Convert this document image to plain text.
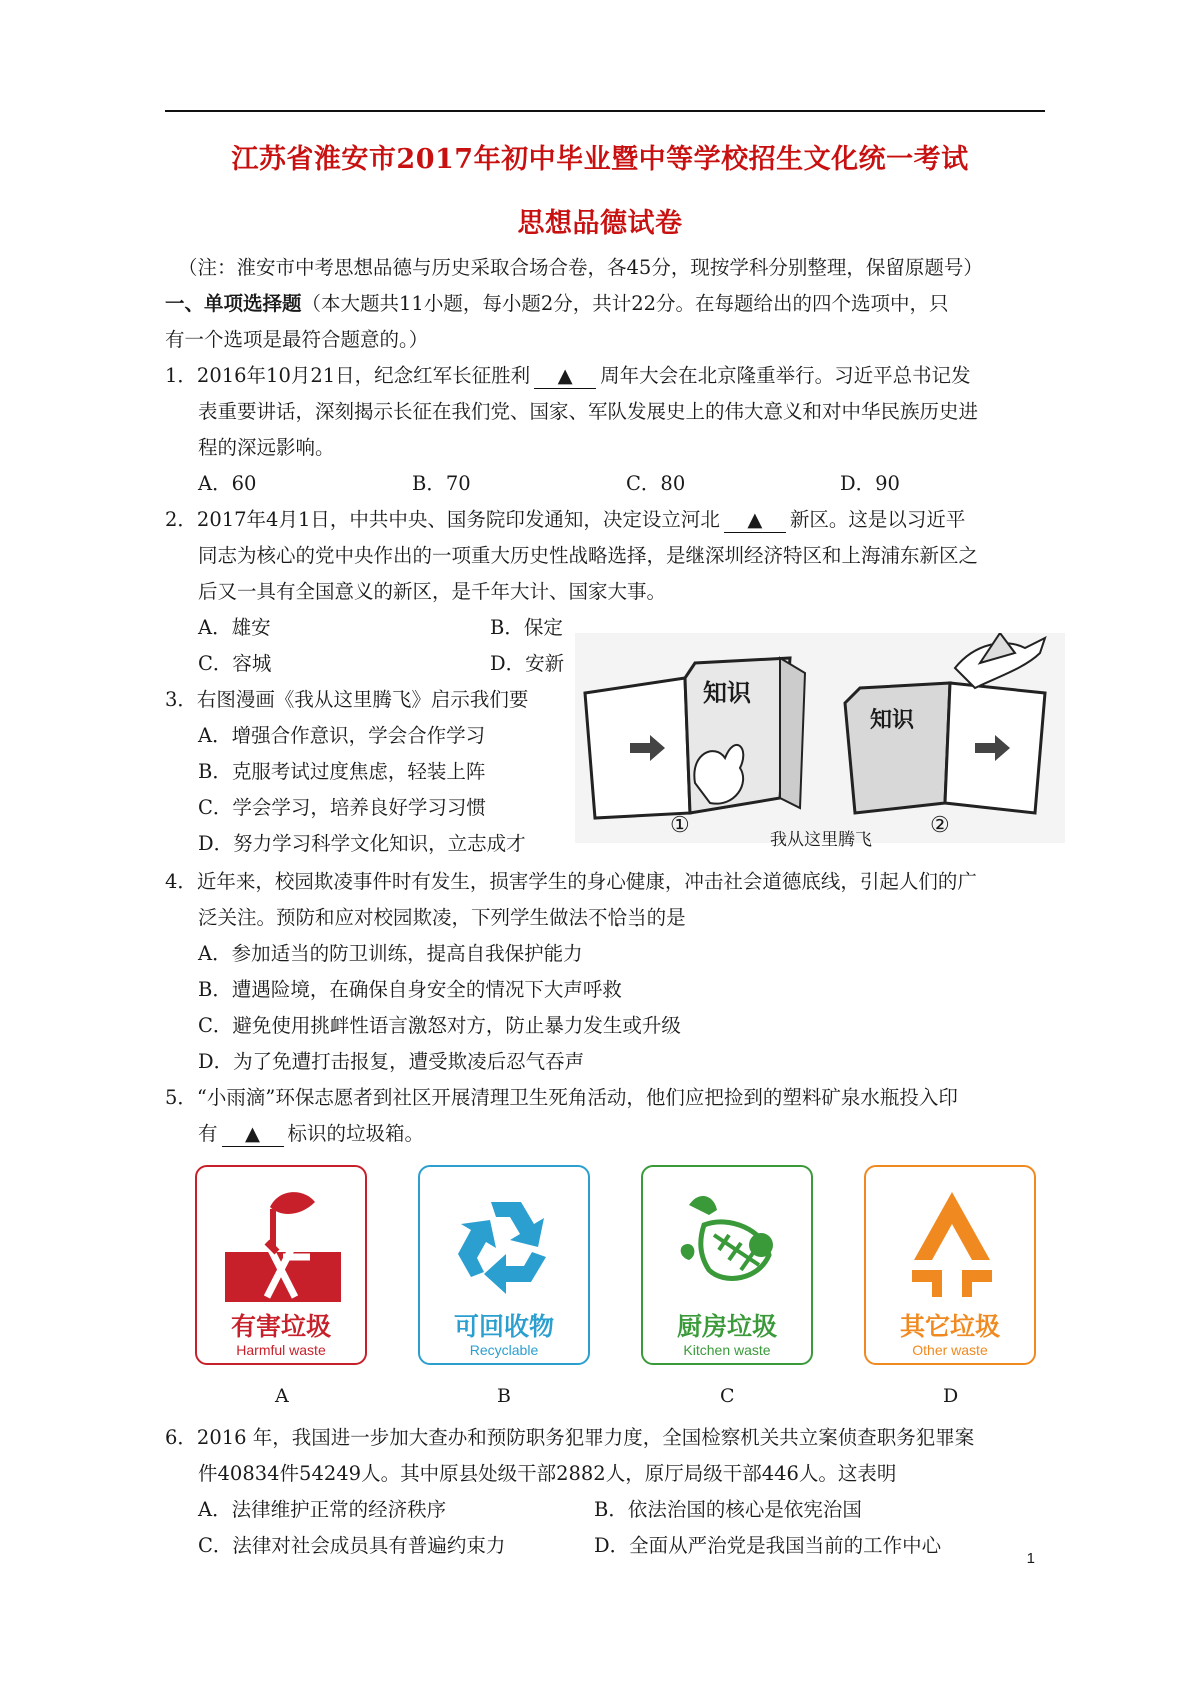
江苏省淮安市2017年初中毕业暨中等学校招生文化统一考试
思想品德试卷
（注：淮安市中考思想品德与历史采取合场合卷，各45分，现按学科分别整理，保留原题号）
一、单项选择题（本大题共11小题，每小题2分，共计22分。在每题给出的四个选项中，只
有一个选项是最符合题意的。）
1．2016年10月21日，纪念红军长征胜利 ▲ 周年大会在北京隆重举行。习近平总书记发
表重要讲话，深刻揭示长征在我们党、国家、军队发展史上的伟大意义和对中华民族历史进
程的深远影响。
A．60	B．70	C．80	D．90
2．2017年4月1日，中共中央、国务院印发通知，决定设立河北 ▲ 新区。这是以习近平
同志为核心的党中央作出的一项重大历史性战略选择，是继深圳经济特区和上海浦东新区之
后又一具有全国意义的新区，是千年大计、国家大事。
A．雄安	B．保定
C．容城	D．安新
3．右图漫画《我从这里腾飞》启示我们要
A．增强合作意识，学会合作学习
B．克服考试过度焦虑，轻装上阵
C．学会学习，培养良好学习习惯
D．努力学习科学文化知识，立志成才
知识
知识
①	②
我从这里腾飞
4．近年来，校园欺凌事件时有发生，损害学生的身心健康，冲击社会道德底线，引起人们的广
泛关注。预防和应对校园欺凌，下列学生做法不恰当的是
A．参加适当的防卫训练，提高自我保护能力
B．遭遇险境，在确保自身安全的情况下大声呼救
C．避免使用挑衅性语言激怒对方，防止暴力发生或升级
D．为了免遭打击报复，遭受欺凌后忍气吞声
5．“小雨滴”环保志愿者到社区开展清理卫生死角活动，他们应把捡到的塑料矿泉水瓶投入印
有 ▲ 标识的垃圾箱。
有害垃圾
Harmful waste
可回收物
Recyclable
厨房垃圾
Kitchen waste
其它垃圾
Other waste
A	B	C	D
6．2016 年，我国进一步加大查办和预防职务犯罪力度，全国检察机关共立案侦查职务犯罪案
件40834件54249人。其中原县处级干部2882人，原厅局级干部446人。这表明
A．法律维护正常的经济秩序	B．依法治国的核心是依宪治国
C．法律对社会成员具有普遍约束力	D．全面从严治党是我国当前的工作中心
1
